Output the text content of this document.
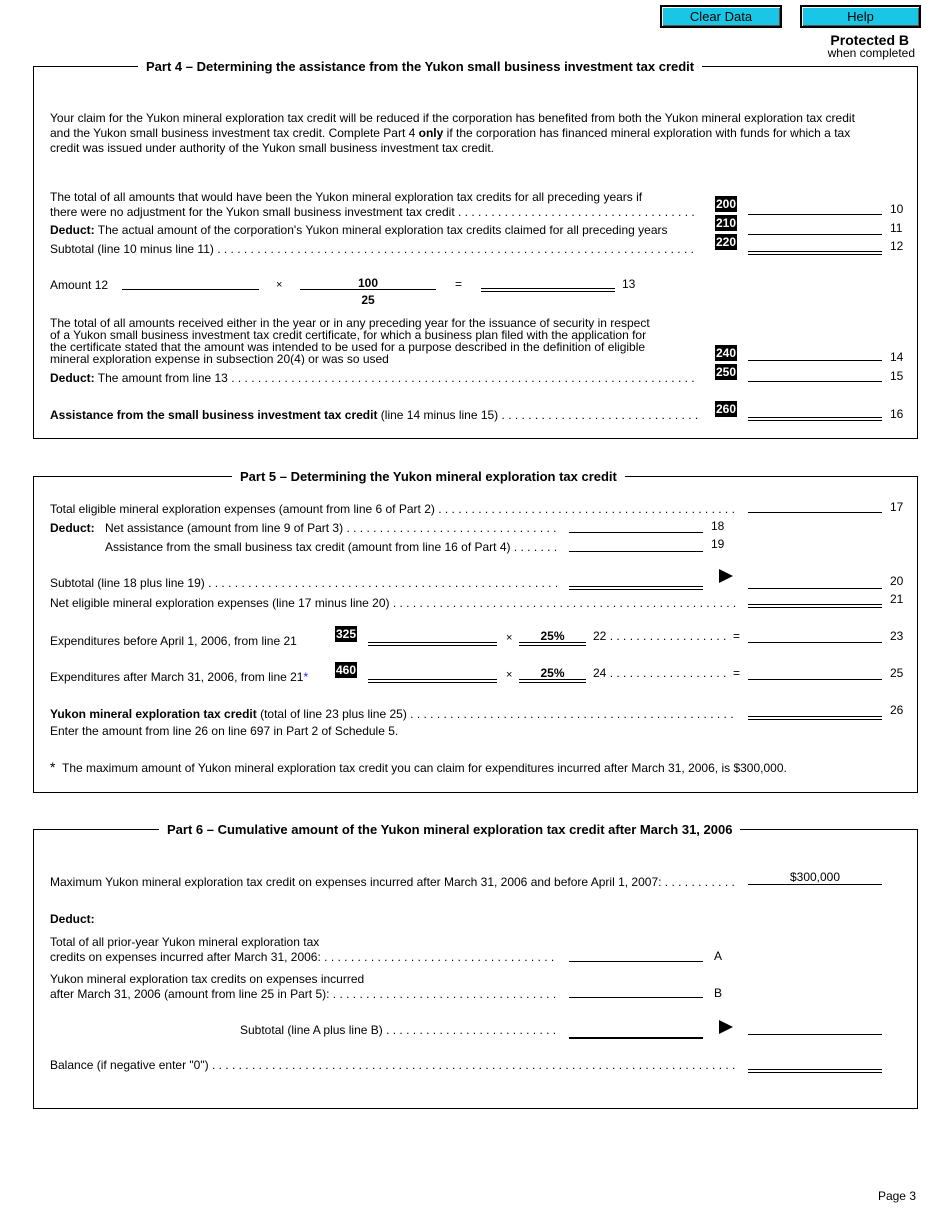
Clear Data	Help
Protected B
when completed
Part 4 – Determining the assistance from the Yukon small business investment tax credit
Your claim for the Yukon mineral exploration tax credit will be reduced if the corporation has benefited from both the Yukon mineral exploration tax credit
and the Yukon small business investment tax credit. Complete Part 4 only if the corporation has financed mineral exploration with funds for which a tax
credit was issued under authority of the Yukon small business investment tax credit.
The total of all amounts that would have been the Yukon mineral exploration tax credits for all preceding years if
there were no adjustment for the Yukon small business investment tax credit . . .
200	10
Deduct: The actual amount of the corporation's Yukon mineral exploration tax credits claimed for all preceding years	210	11
Subtotal (line 10 minus line 11) . . .	220	12
Amount 12	×	100
25
=	13
The total of all amounts received either in the year or in any preceding year for the issuance of security in respect
of a Yukon small business investment tax credit certificate, for which a business plan filed with the application for
the certificate stated that the amount was intended to be used for a purpose described in the definition of eligible
mineral exploration expense in subsection 20(4) or was so used	240	14
Deduct: The amount from line 13 . . .	250	15
Assistance from the small business investment tax credit (line 14 minus line 15) . . .	260	16
Part 5 – Determining the Yukon mineral exploration tax credit
Total eligible mineral exploration expenses (amount from line 6 of Part 2) . . .	17
Deduct: Net assistance (amount from line 9 of Part 3) . . .	18
Assistance from the small business tax credit (amount from line 16 of Part 4) . . .	19
Subtotal (line 18 plus line 19) . . .	20
Net eligible mineral exploration expenses (line 17 minus line 20) . . .	21
Expenditures before April 1, 2006, from line 21	325	×	25%	22 . . .	=	23
Expenditures after March 31, 2006, from line 21* 460	×	25%	24 . . .	=	25
Yukon mineral exploration tax credit (total of line 23 plus line 25) . . .	26
Enter the amount from line 26 on line 697 in Part 2 of Schedule 5.
* The maximum amount of Yukon mineral exploration tax credit you can claim for expenditures incurred after March 31, 2006, is $300,000.
Part 6 – Cumulative amount of the Yukon mineral exploration tax credit after March 31, 2006
Maximum Yukon mineral exploration tax credit on expenses incurred after March 31, 2006 and before April 1, 2007: . . .	$300,000
Deduct:
Total of all prior-year Yukon mineral exploration tax
credits on expenses incurred after March 31, 2006: . . .	A
Yukon mineral exploration tax credits on expenses incurred
after March 31, 2006 (amount from line 25 in Part 5): . . .	B
Subtotal (line A plus line B) . . .
Balance (if negative enter "0") . . .
Page 3
